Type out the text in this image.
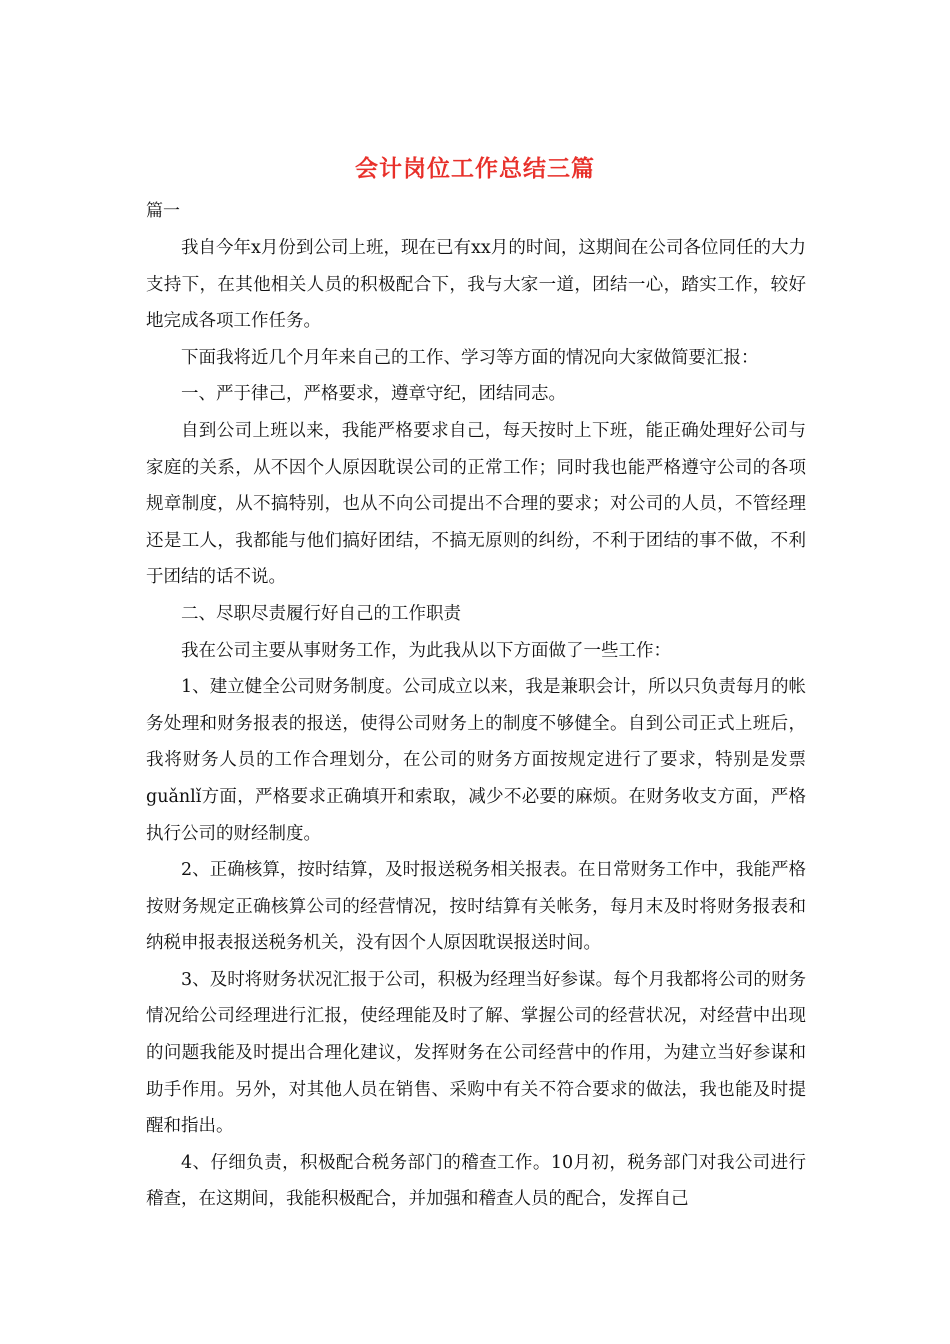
会计岗位工作总结三篇
篇一

我自今年x月份到公司上班，现在已有xx月的时间，这期间在公司各位同任的大力支持下，在其他相关人员的积极配合下，我与大家一道，团结一心，踏实工作，较好地完成各项工作任务。

下面我将近几个月年来自己的工作、学习等方面的情况向大家做简要汇报：

一、严于律己，严格要求，遵章守纪，团结同志。

自到公司上班以来，我能严格要求自己，每天按时上下班，能正确处理好公司与家庭的关系，从不因个人原因耽误公司的正常工作；同时我也能严格遵守公司的各项规章制度，从不搞特别，也从不向公司提出不合理的要求；对公司的人员，不管经理还是工人，我都能与他们搞好团结，不搞无原则的纠纷，不利于团结的事不做，不利于团结的话不说。

二、尽职尽责履行好自己的工作职责

我在公司主要从事财务工作，为此我从以下方面做了一些工作：

1、建立健全公司财务制度。公司成立以来，我是兼职会计，所以只负责每月的帐务处理和财务报表的报送，使得公司财务上的制度不够健全。自到公司正式上班后，我将财务人员的工作合理划分，在公司的财务方面按规定进行了要求，特别是发票guǎnlǐ方面，严格要求正确填开和索取，减少不必要的麻烦。在财务收支方面，严格执行公司的财经制度。

2、正确核算，按时结算，及时报送税务相关报表。在日常财务工作中，我能严格按财务规定正确核算公司的经营情况，按时结算有关帐务，每月末及时将财务报表和纳税申报表报送税务机关，没有因个人原因耽误报送时间。

3、及时将财务状况汇报于公司，积极为经理当好参谋。每个月我都将公司的财务情况给公司经理进行汇报，使经理能及时了解、掌握公司的经营状况，对经营中出现的问题我能及时提出合理化建议，发挥财务在公司经营中的作用，为建立当好参谋和助手作用。另外，对其他人员在销售、采购中有关不符合要求的做法，我也能及时提醒和指出。

4、仔细负责，积极配合税务部门的稽查工作。10月初，税务部门对我公司进行稽查，在这期间，我能积极配合，并加强和稽查人员的配合，发挥自己
